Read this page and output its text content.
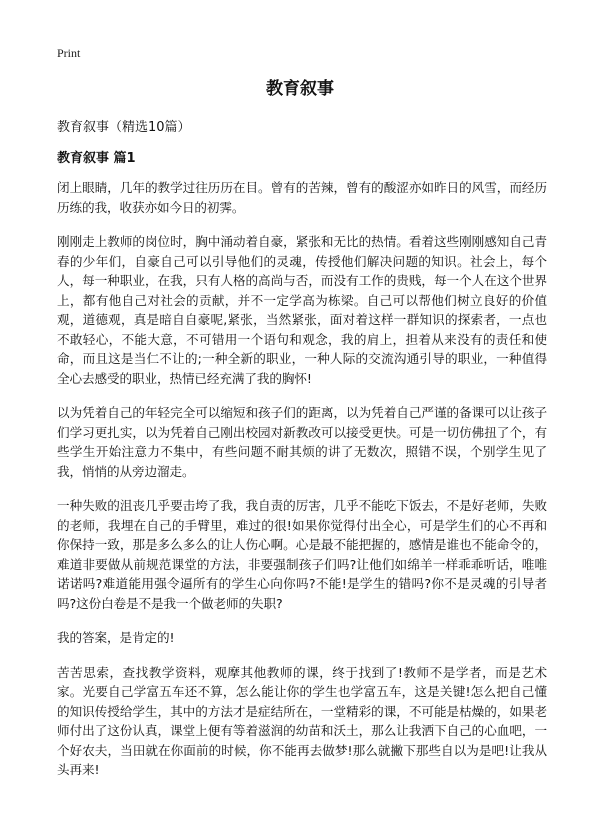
Print
教育叙事
教育叙事（精选10篇）
教育叙事 篇1

闭上眼睛，几年的教学过往历历在目。曾有的苦辣，曾有的酸涩亦如昨日的风雪，而经历历练的我，收获亦如今日的初霁。

刚刚走上教师的岗位时，胸中涌动着自豪，紧张和无比的热情。看着这些刚刚感知自己青春的少年们，自豪自己可以引导他们的灵魂，传授他们解决问题的知识。社会上，每个人，每一种职业，在我，只有人格的高尚与否，而没有工作的贵贱，每一个人在这个世界上，都有他自己对社会的贡献，并不一定学高为栋梁。自己可以帮他们树立良好的价值观，道德观，真是暗自自豪呢,紧张，当然紧张，面对着这样一群知识的探索者，一点也不敢轻心，不能大意，不可错用一个语句和观念，我的肩上，担着从来没有的责任和使命，而且这是当仁不让的;一种全新的职业，一种人际的交流沟通引导的职业，一种值得全心去感受的职业，热情已经充满了我的胸怀!

以为凭着自己的年轻完全可以缩短和孩子们的距离，以为凭着自己严谨的备课可以让孩子们学习更扎实，以为凭着自己刚出校园对新教改可以接受更快。可是一切仿佛扭了个，有些学生开始注意力不集中，有些问题不耐其烦的讲了无数次，照错不误，个别学生见了我，悄悄的从旁边溜走。

一种失败的沮丧几乎要击垮了我，我自责的厉害，几乎不能吃下饭去，不是好老师，失败的老师，我埋在自己的手臂里，难过的很!如果你觉得付出全心，可是学生们的心不再和你保持一致，那是多么多么的让人伤心啊。心是最不能把握的，感情是谁也不能命令的，难道非要做从前规范课堂的方法，非要强制孩子们吗?让他们如绵羊一样乖乖听话，唯唯诺诺吗?难道能用强令逼所有的学生心向你吗?不能!是学生的错吗?你不是灵魂的引导者吗?这份白卷是不是我一个做老师的失职?

我的答案，是肯定的!

苦苦思索，查找教学资料，观摩其他教师的课，终于找到了!教师不是学者，而是艺术家。光要自己学富五车还不算，怎么能让你的学生也学富五车，这是关键!怎么把自己懂的知识传授给学生，其中的方法才是症结所在，一堂精彩的课，不可能是枯燥的，如果老师付出了这份认真，课堂上便有等着滋润的幼苗和沃土，那么让我洒下自己的心血吧，一个好农夫，当田就在你面前的时候，你不能再去做梦!那么就撇下那些自以为是吧!让我从头再来!
